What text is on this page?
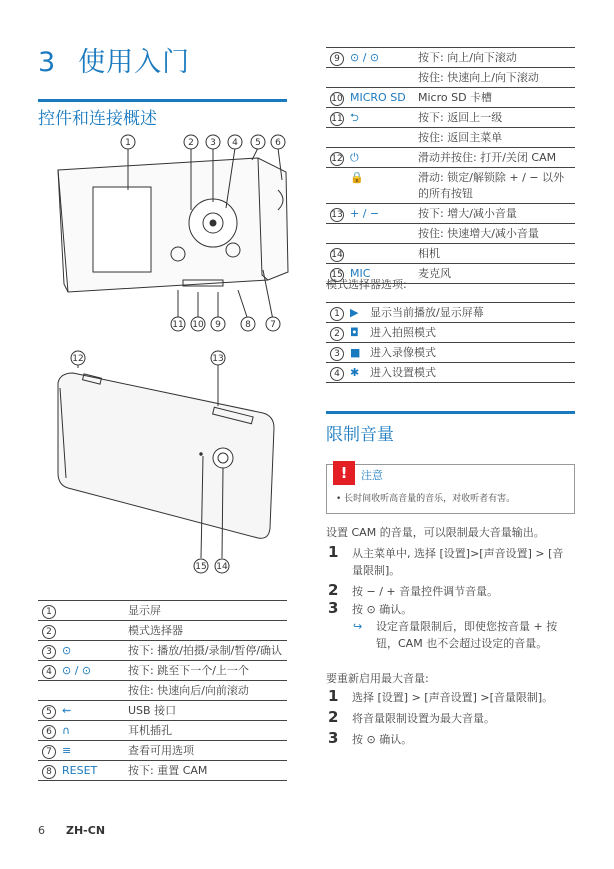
3 使用入门
控件和连接概述
1	2 3 4 5 6
11 10 9	8 7
12	13
15 14
1		显示屏
2		模式选择器
3	⊙	按下: 播放/拍摄/录制/暂停/确认
4	⊙ / ⊙	按下: 跳至下一个/上一个
		按住: 快速向后/向前滚动
5	⇜	USB 接口
6	∩	耳机插孔
7	≡	查看可用选项
8	RESET	按下: 重置 CAM
9	⊙ / ⊙	按下: 向上/向下滚动
		按住: 快速向上/向下滚动
10	MICRO SD	Micro SD 卡槽
11	⮌	按下: 返回上一级
		按住: 返回主菜单
12	⏻	滑动并按住: 打开/关闭 CAM
	🔒	滑动: 锁定/解锁除 + / − 以外的所有按钮
13	+ / −	按下: 增大/减小音量
		按住: 快速增大/减小音量
14		相机
15	MIC	麦克风
模式选择器选项:
1	▶	显示当前播放/显示屏幕
2	◘	进入拍照模式
3	■	进入录像模式
4	✱	进入设置模式
限制音量
!	注意
• 长时间收听高音量的音乐，对收听者有害。
设置 CAM 的音量，可以限制最大音量输出。
1 从主菜单中, 选择 [设置]>[声音设置] > [音量限制]。
2 按 − / + 音量控件调节音量。
3 按 ⊙ 确认。
↪ 设定音量限制后，即使您按音量 + 按钮，CAM 也不会超过设定的音量。
要重新启用最大音量:
1 选择 [设置] > [声音设置] >[音量限制]。
2 将音量限制设置为最大音量。
3 按 ⊙ 确认。
6 ZH-CN
